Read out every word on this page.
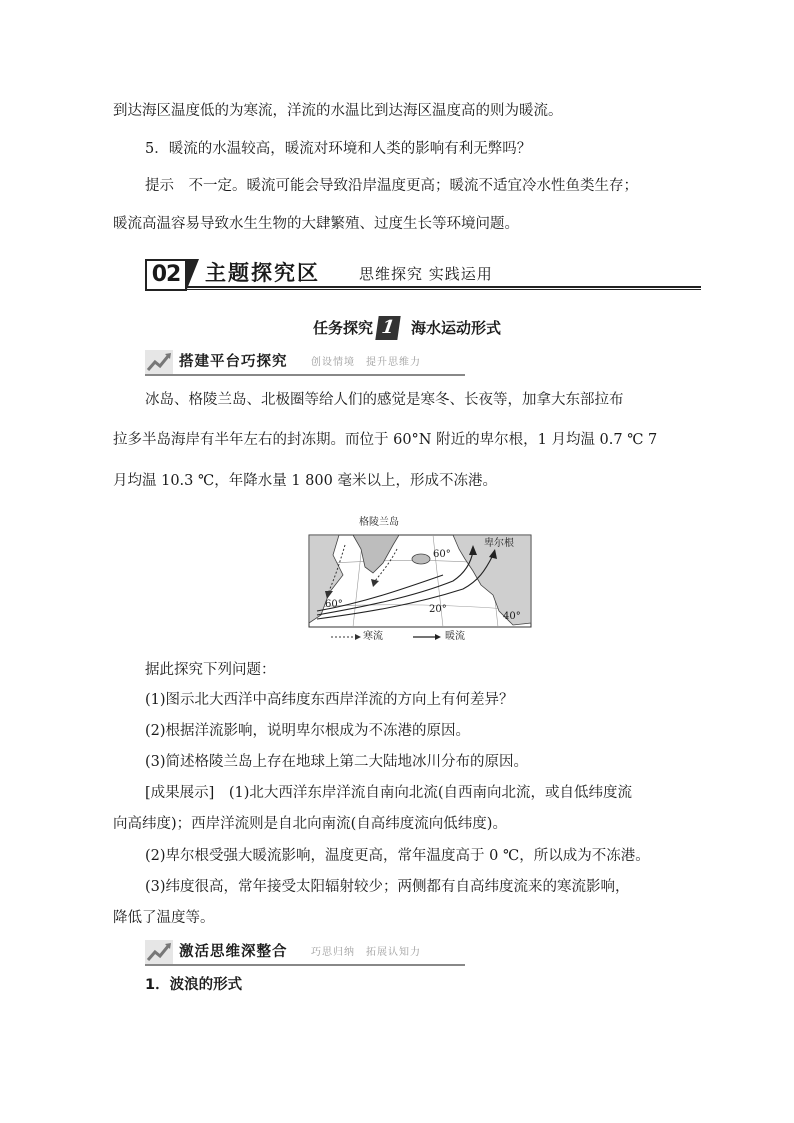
到达海区温度低的为寒流，洋流的水温比到达海区温度高的则为暖流。
5．暖流的水温较高，暖流对环境和人类的影响有利无弊吗？
提示　不一定。暖流可能会导致沿岸温度更高；暖流不适宜冷水性鱼类生存；
暖流高温容易导致水生生物的大肆繁殖、过度生长等环境问题。
02	主题探究区	思维探究 实践运用
任务探究 1 海水运动形式
搭建平台巧探究 创设情境　提升思维力
冰岛、格陵兰岛、北极圈等给人们的感觉是寒冬、长夜等，加拿大东部拉布
拉多半岛海岸有半年左右的封冻期。而位于 60°N 附近的卑尔根，1 月均温 0.7 ℃ 7
月均温 10.3 ℃，年降水量 1 800 毫米以上，形成不冻港。
格陵兰岛
卑尔根
60°
60°	20°
40°
寒流	暖流
据此探究下列问题：
(1)图示北大西洋中高纬度东西岸洋流的方向上有何差异？
(2)根据洋流影响，说明卑尔根成为不冻港的原因。
(3)简述格陵兰岛上存在地球上第二大陆地冰川分布的原因。
[成果展示]　(1)北大西洋东岸洋流自南向北流(自西南向北流，或自低纬度流
向高纬度)；西岸洋流则是自北向南流(自高纬度流向低纬度)。
(2)卑尔根受强大暖流影响，温度更高，常年温度高于 0 ℃，所以成为不冻港。
(3)纬度很高，常年接受太阳辐射较少；两侧都有自高纬度流来的寒流影响，
降低了温度等。
激活思维深整合 巧思归纳　拓展认知力
1．波浪的形式
